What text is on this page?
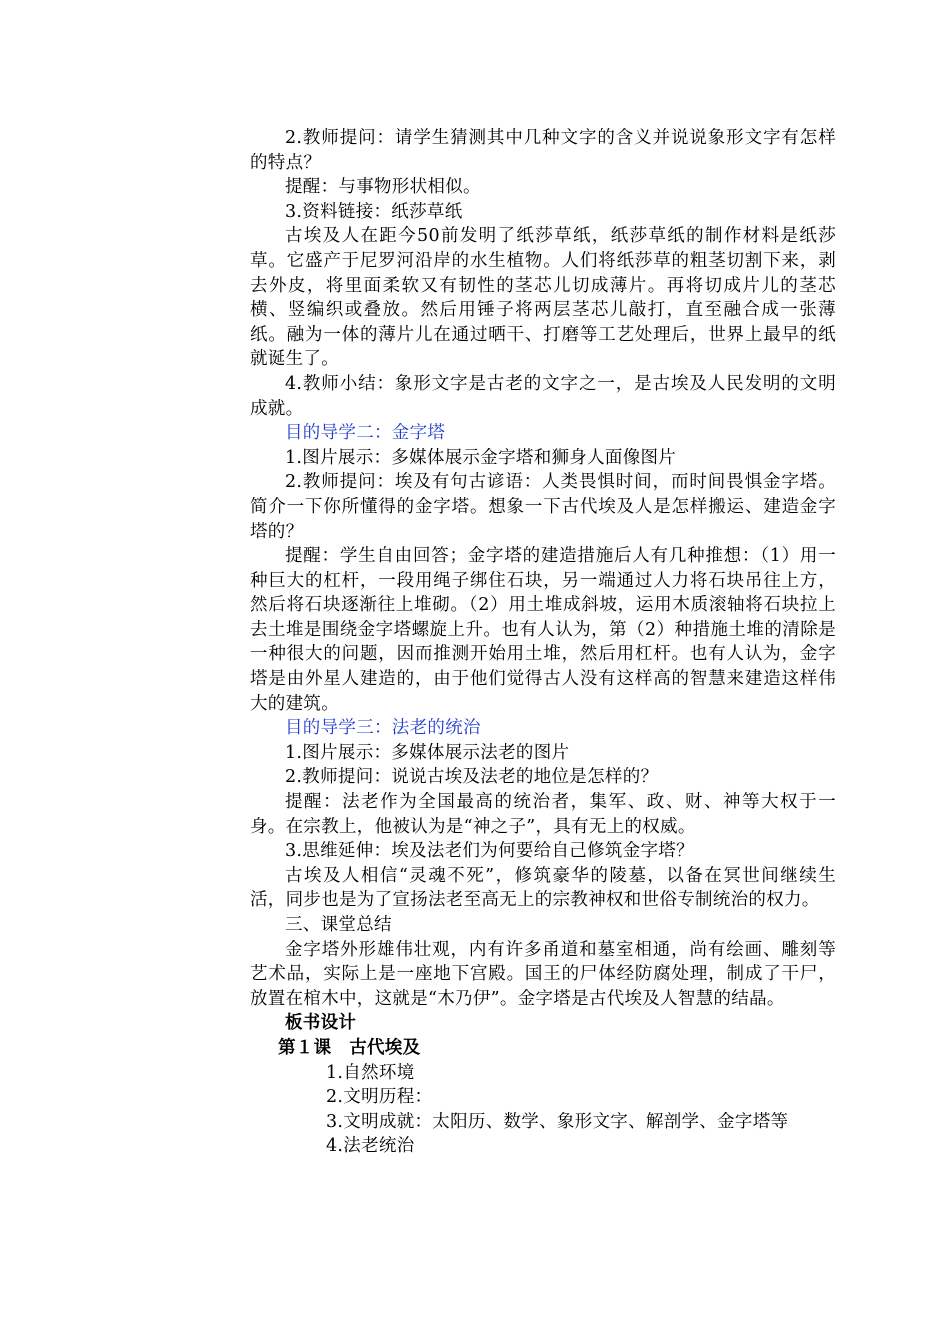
2.教师提问：请学生猜测其中几种文字的含义并说说象形文字有怎样的特点？

提醒：与事物形状相似。

3.资料链接：纸莎草纸

古埃及人在距今50前发明了纸莎草纸，纸莎草纸的制作材料是纸莎草。它盛产于尼罗河沿岸的水生植物。人们将纸莎草的粗茎切割下来，剥去外皮，将里面柔软又有韧性的茎芯儿切成薄片。再将切成片儿的茎芯横、竖编织或叠放。然后用锤子将两层茎芯儿敲打，直至融合成一张薄纸。融为一体的薄片儿在通过晒干、打磨等工艺处理后，世界上最早的纸就诞生了。

4.教师小结：象形文字是古老的文字之一，是古埃及人民发明的文明成就。

目的导学二：金字塔

1.图片展示：多媒体展示金字塔和狮身人面像图片

2.教师提问：埃及有句古谚语：人类畏惧时间，而时间畏惧金字塔。简介一下你所懂得的金字塔。想象一下古代埃及人是怎样搬运、建造金字塔的？

提醒：学生自由回答；金字塔的建造措施后人有几种推想：（1）用一种巨大的杠杆，一段用绳子绑住石块，另一端通过人力将石块吊往上方，然后将石块逐渐往上堆砌。（2）用土堆成斜坡，运用木质滚轴将石块拉上去土堆是围绕金字塔螺旋上升。也有人认为，第（2）种措施土堆的清除是一种很大的问题，因而推测开始用土堆，然后用杠杆。也有人认为，金字塔是由外星人建造的，由于他们觉得古人没有这样高的智慧来建造这样伟大的建筑。

目的导学三：法老的统治

1.图片展示：多媒体展示法老的图片

2.教师提问：说说古埃及法老的地位是怎样的？

提醒：法老作为全国最高的统治者，集军、政、财、神等大权于一身。在宗教上，他被认为是“神之子”，具有无上的权威。

3.思维延伸：埃及法老们为何要给自己修筑金字塔？

古埃及人相信“灵魂不死”，修筑豪华的陵墓，以备在冥世间继续生活，同步也是为了宣扬法老至高无上的宗教神权和世俗专制统治的权力。

三、课堂总结

金字塔外形雄伟壮观，内有许多甬道和墓室相通，尚有绘画、雕刻等艺术品，实际上是一座地下宫殿。国王的尸体经防腐处理，制成了干尸，放置在棺木中，这就是“木乃伊”。金字塔是古代埃及人智慧的结晶。

板书设计

第１课　古代埃及

1.自然环境

2.文明历程：

3.文明成就：太阳历、数学、象形文字、解剖学、金字塔等

4.法老统治
